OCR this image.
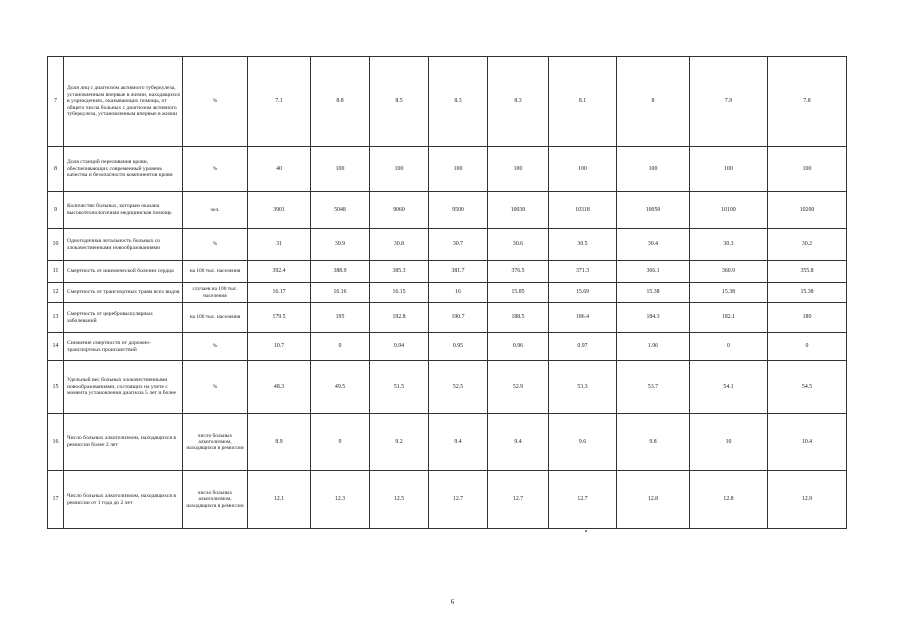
7	Доля лиц с диагнозом активного туберкулеза, установленным впервые в жизни, находящихся в учреждениях, оказывающих помощь, от общего числа больных с диагнозом активного туберкулеза, установленным впервые в жизни	%	7.1	8.8	8.5	8.3	8.3	8.1	8	7.9	7.8
8	Доля станций переливания крови, обеспечивающих современный уровень качества и безопасности компонентов крови	%	40	100	100	100	100	100	100	100	100
9	Количество больных, которым оказана высокотехнологичная медицинская помощь	чел.	3901	5048	9060	9500	10030	10318	10050	10100	10200
10	Одногодичная летальность больных со злокачественными новообразованиями	%	31	30.9	30.8	30.7	30.6	30.5	30.4	30.3	30.2
11	Смертность от ишемической болезни сердца	на 100 тыс. населения	392.4	388.9	385.3	381.7	376.5	371.3	366.1	360.9	355.8
12	Смертность от транспортных травм всех видов	случаев на 100 тыс. населения	16.17	16.16	16.15	16	15.85	15.69	15.38	15.38	15.38
13	Смертность от цереброваскулярных заболеваний	на 100 тыс. населения	179.5	195	192.8	190.7	188.5	186.4	184.3	182.1	180
14	Снижение смертности от дорожно-транспортных происшествий	%	10.7	0	0.94	0.95	0.96	0.97	1.96	0	0
15	Удельный вес больных злокачественными новообразованиями, состоящих на учете с момента установления диагноза 5 лет и более	%	48.3	49.5	51.5	52.5	52.9	53.3	53.7	54.1	54.5
16	Число больных алкоголизмом, находящихся в ремиссии более 2 лет	число больных алкоголизмом, находящихся в ремиссии	8.9	9	9.2	9.4	9.4	9.6	9.8	10	10.4
17	Число больных алкоголизмом, находящихся в ремиссии от 1 года до 2 лет	число больных алкоголизмом, находящихся в ремиссии	12.1	12.3	12.5	12.7	12.7	12.7	12.8	12.8	12.9
6
